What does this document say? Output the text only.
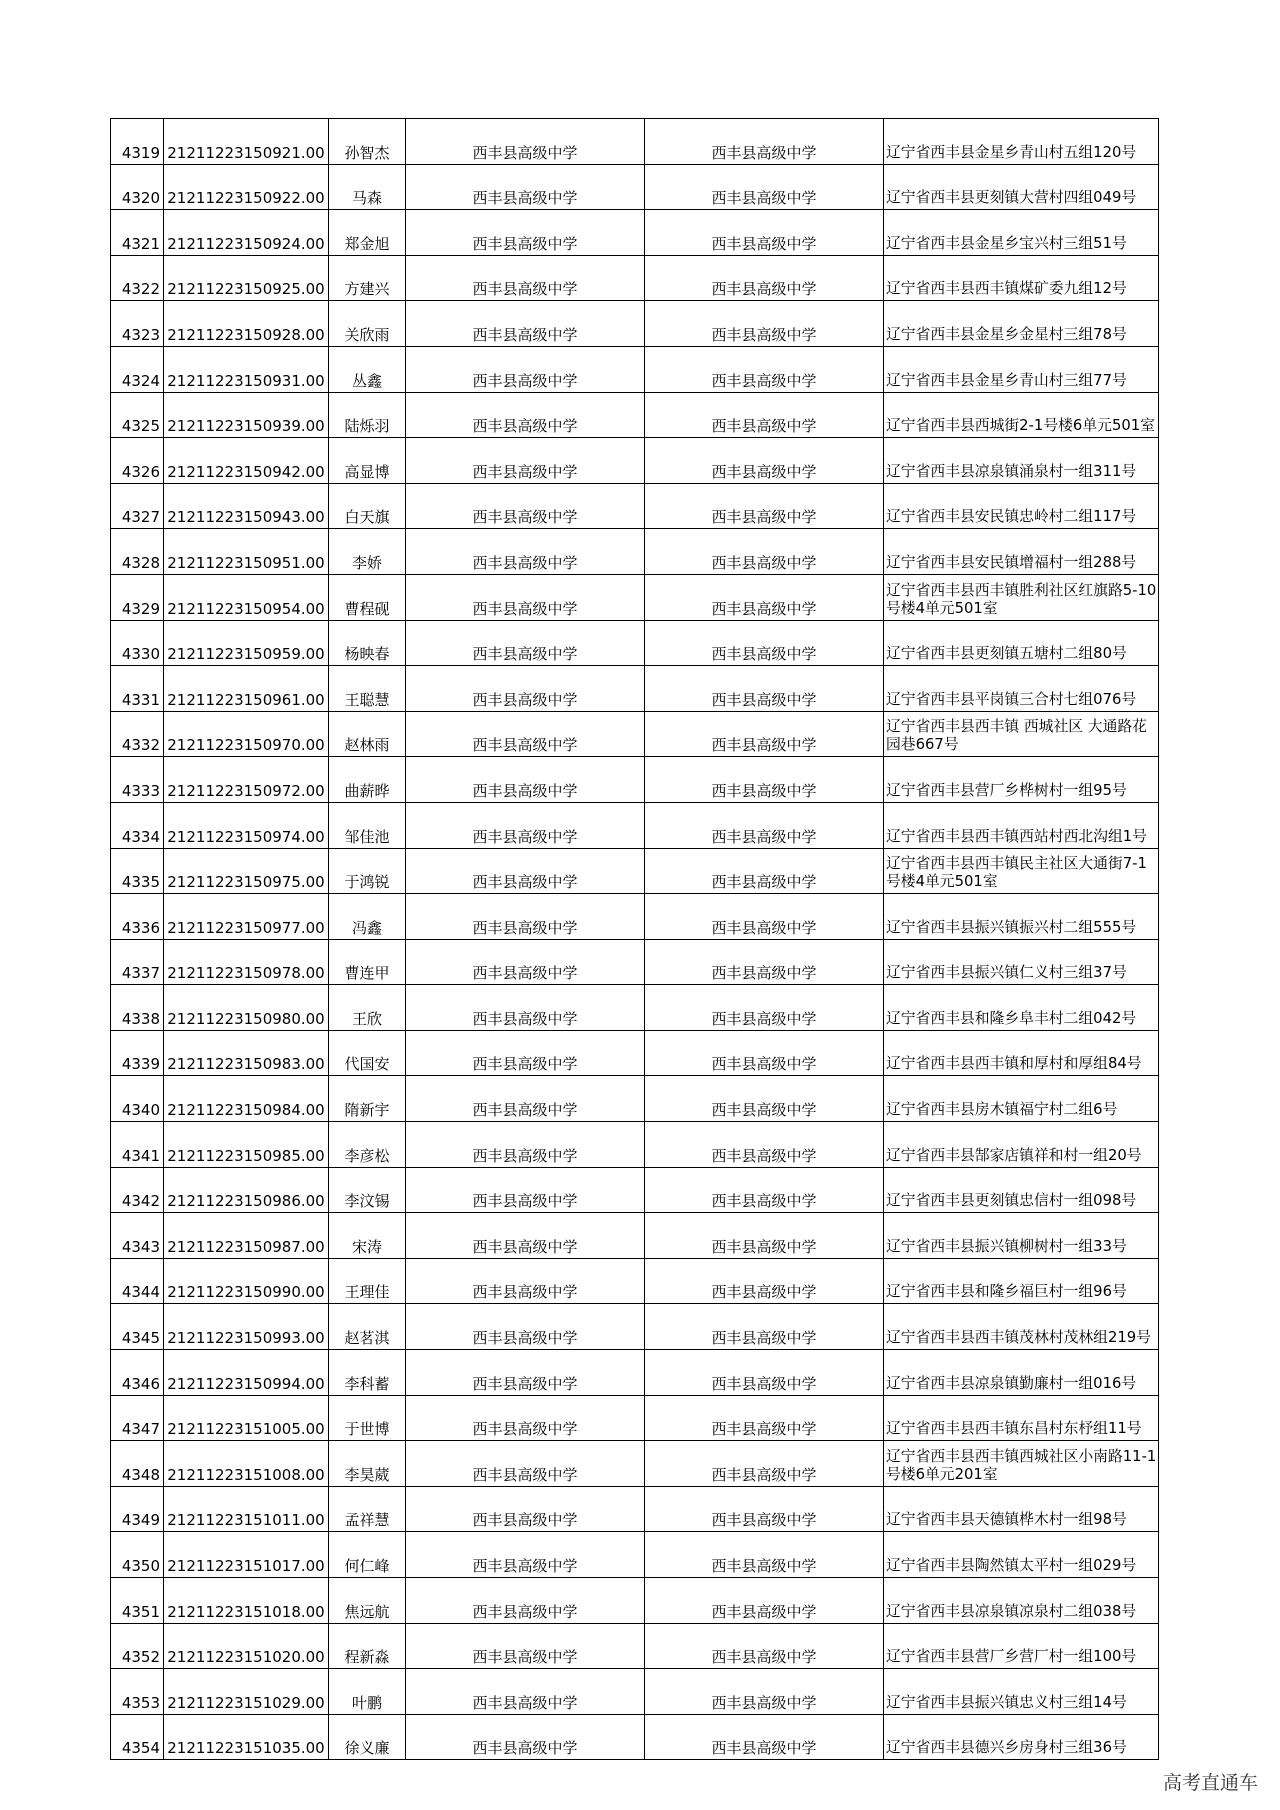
4319	21211223150921.00	孙智杰	西丰县高级中学	西丰县高级中学	辽宁省西丰县金星乡青山村五组120号
4320	21211223150922.00	马森	西丰县高级中学	西丰县高级中学	辽宁省西丰县更刻镇大营村四组049号
4321	21211223150924.00	郑金旭	西丰县高级中学	西丰县高级中学	辽宁省西丰县金星乡宝兴村三组51号
4322	21211223150925.00	方建兴	西丰县高级中学	西丰县高级中学	辽宁省西丰县西丰镇煤矿委九组12号
4323	21211223150928.00	关欣雨	西丰县高级中学	西丰县高级中学	辽宁省西丰县金星乡金星村三组78号
4324	21211223150931.00	丛鑫	西丰县高级中学	西丰县高级中学	辽宁省西丰县金星乡青山村三组77号
4325	21211223150939.00	陆烁羽	西丰县高级中学	西丰县高级中学	辽宁省西丰县西城街2-1号楼6单元501室
4326	21211223150942.00	高显博	西丰县高级中学	西丰县高级中学	辽宁省西丰县凉泉镇涌泉村一组311号
4327	21211223150943.00	白天旗	西丰县高级中学	西丰县高级中学	辽宁省西丰县安民镇忠岭村二组117号
4328	21211223150951.00	李娇	西丰县高级中学	西丰县高级中学	辽宁省西丰县安民镇增福村一组288号
4329	21211223150954.00	曹程砚	西丰县高级中学	西丰县高级中学	辽宁省西丰县西丰镇胜利社区红旗路5-10号楼4单元501室
4330	21211223150959.00	杨映春	西丰县高级中学	西丰县高级中学	辽宁省西丰县更刻镇五塘村二组80号
4331	21211223150961.00	王聪慧	西丰县高级中学	西丰县高级中学	辽宁省西丰县平岗镇三合村七组076号
4332	21211223150970.00	赵林雨	西丰县高级中学	西丰县高级中学	辽宁省西丰县西丰镇 西城社区 大通路花园巷667号
4333	21211223150972.00	曲薪晔	西丰县高级中学	西丰县高级中学	辽宁省西丰县营厂乡桦树村一组95号
4334	21211223150974.00	邹佳池	西丰县高级中学	西丰县高级中学	辽宁省西丰县西丰镇西站村西北沟组1号
4335	21211223150975.00	于鸿锐	西丰县高级中学	西丰县高级中学	辽宁省西丰县西丰镇民主社区大通街7-1号楼4单元501室
4336	21211223150977.00	冯鑫	西丰县高级中学	西丰县高级中学	辽宁省西丰县振兴镇振兴村二组555号
4337	21211223150978.00	曹连甲	西丰县高级中学	西丰县高级中学	辽宁省西丰县振兴镇仁义村三组37号
4338	21211223150980.00	王欣	西丰县高级中学	西丰县高级中学	辽宁省西丰县和隆乡阜丰村二组042号
4339	21211223150983.00	代国安	西丰县高级中学	西丰县高级中学	辽宁省西丰县西丰镇和厚村和厚组84号
4340	21211223150984.00	隋新宇	西丰县高级中学	西丰县高级中学	辽宁省西丰县房木镇福宁村二组6号
4341	21211223150985.00	李彦松	西丰县高级中学	西丰县高级中学	辽宁省西丰县郜家店镇祥和村一组20号
4342	21211223150986.00	李汶锡	西丰县高级中学	西丰县高级中学	辽宁省西丰县更刻镇忠信村一组098号
4343	21211223150987.00	宋涛	西丰县高级中学	西丰县高级中学	辽宁省西丰县振兴镇柳树村一组33号
4344	21211223150990.00	王理佳	西丰县高级中学	西丰县高级中学	辽宁省西丰县和隆乡福巨村一组96号
4345	21211223150993.00	赵茗淇	西丰县高级中学	西丰县高级中学	辽宁省西丰县西丰镇茂林村茂林组219号
4346	21211223150994.00	李科蓄	西丰县高级中学	西丰县高级中学	辽宁省西丰县凉泉镇勤廉村一组016号
4347	21211223151005.00	于世博	西丰县高级中学	西丰县高级中学	辽宁省西丰县西丰镇东昌村东杼组11号
4348	21211223151008.00	李昊葳	西丰县高级中学	西丰县高级中学	辽宁省西丰县西丰镇西城社区小南路11-1号楼6单元201室
4349	21211223151011.00	孟祥慧	西丰县高级中学	西丰县高级中学	辽宁省西丰县天德镇桦木村一组98号
4350	21211223151017.00	何仁峰	西丰县高级中学	西丰县高级中学	辽宁省西丰县陶然镇太平村一组029号
4351	21211223151018.00	焦远航	西丰县高级中学	西丰县高级中学	辽宁省西丰县凉泉镇凉泉村二组038号
4352	21211223151020.00	程新淼	西丰县高级中学	西丰县高级中学	辽宁省西丰县营厂乡营厂村一组100号
4353	21211223151029.00	叶鹏	西丰县高级中学	西丰县高级中学	辽宁省西丰县振兴镇忠义村三组14号
4354	21211223151035.00	徐义廉	西丰县高级中学	西丰县高级中学	辽宁省西丰县德兴乡房身村三组36号
高考直通车
